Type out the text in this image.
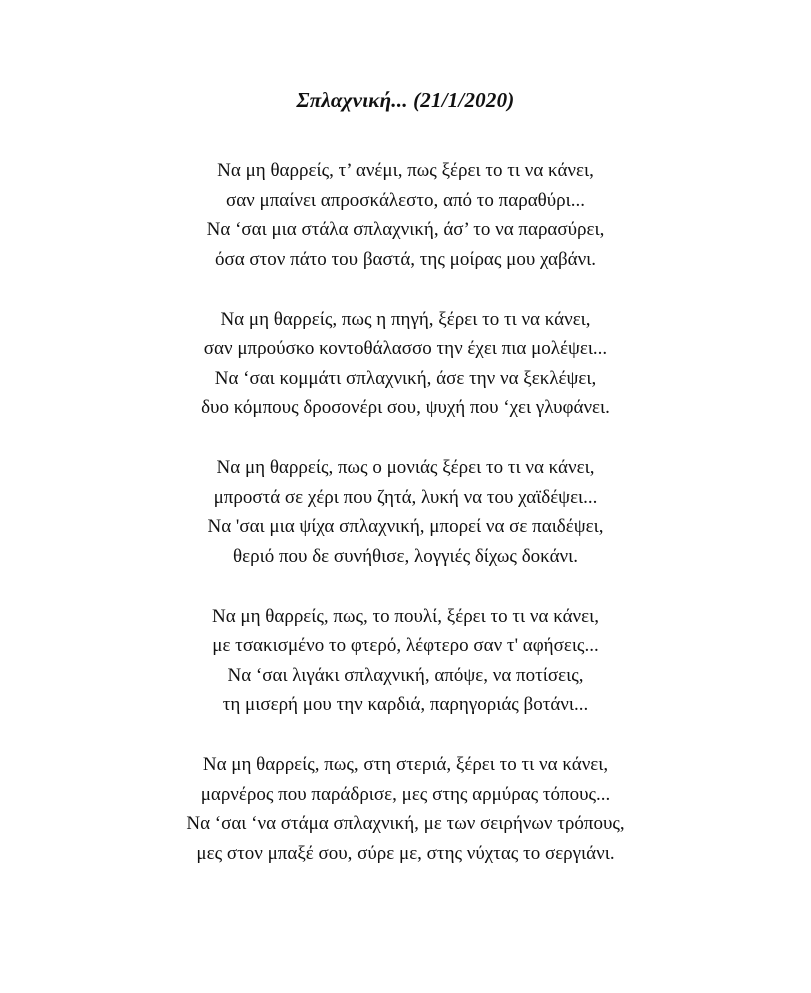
Σπλαχνική... (21/1/2020)
Να μη θαρρείς, τ’ ανέμι, πως ξέρει το τι να κάνει,
σαν μπαίνει απροσκάλεστο, από το παραθύρι...
Να ‘σαι μια στάλα σπλαχνική, άσ’ το να παρασύρει,
όσα στον πάτο του βαστά, της μοίρας μου χαβάνι.
Να μη θαρρείς, πως η πηγή, ξέρει το τι να κάνει,
σαν μπρούσκο κοντοθάλασσο την έχει πια μολέψει...
Να ‘σαι κομμάτι σπλαχνική, άσε την να ξεκλέψει,
δυο κόμπους δροσονέρι σου, ψυχή που ‘χει γλυφάνει.
Να μη θαρρείς, πως ο μονιάς ξέρει το τι να κάνει,
μπροστά σε χέρι που ζητά, λυκή να του χαϊδέψει...
Να 'σαι μια ψίχα σπλαχνική, μπορεί να σε παιδέψει,
θεριό που δε συνήθισε, λογγιές δίχως δοκάνι.
Να μη θαρρείς, πως, το πουλί, ξέρει το τι να κάνει,
με τσακισμένο το φτερό, λέφτερο σαν τ' αφήσεις...
Να ‘σαι λιγάκι σπλαχνική, απόψε, να ποτίσεις,
τη μισερή μου την καρδιά, παρηγοριάς βοτάνι...
Να μη θαρρείς, πως, στη στεριά, ξέρει το τι να κάνει,
μαρνέρος που παράδρισε, μες στης αρμύρας τόπους...
Να ‘σαι ‘να στάμα σπλαχνική, με των σειρήνων τρόπους,
μες στον μπαξέ σου, σύρε με, στης νύχτας το σεργιάνι.
